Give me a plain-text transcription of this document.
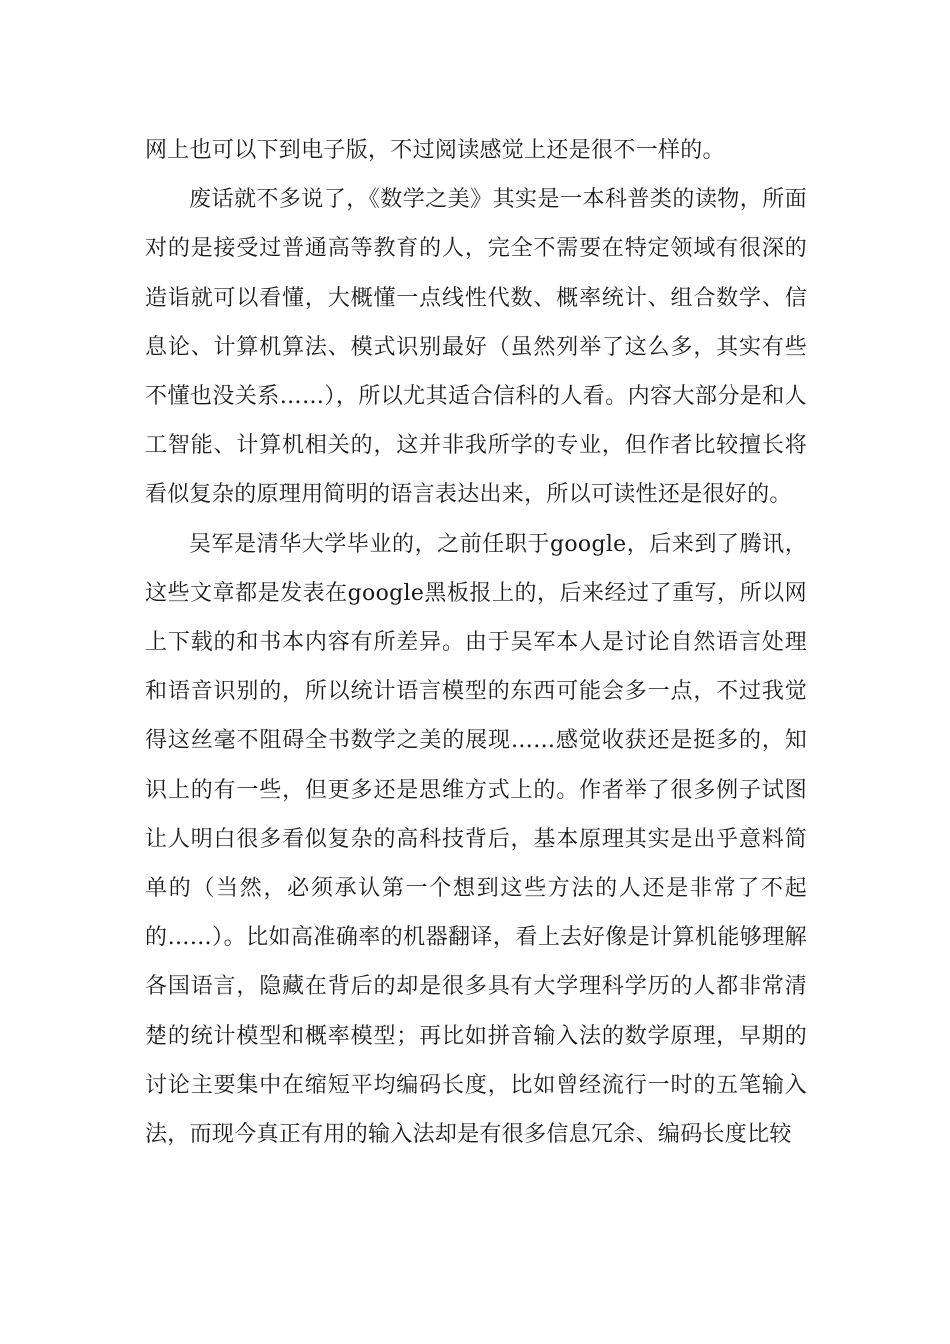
网上也可以下到电子版，不过阅读感觉上还是很不一样的。

废话就不多说了，《数学之美》其实是一本科普类的读物，所面对的是接受过普通高等教育的人，完全不需要在特定领域有很深的造诣就可以看懂，大概懂一点线性代数、概率统计、组合数学、信息论、计算机算法、模式识别最好（虽然列举了这么多，其实有些不懂也没关系……），所以尤其适合信科的人看。内容大部分是和人工智能、计算机相关的，这并非我所学的专业，但作者比较擅长将看似复杂的原理用简明的语言表达出来，所以可读性还是很好的。

吴军是清华大学毕业的，之前任职于google，后来到了腾讯，这些文章都是发表在google黑板报上的，后来经过了重写，所以网上下载的和书本内容有所差异。由于吴军本人是讨论自然语言处理和语音识别的，所以统计语言模型的东西可能会多一点，不过我觉得这丝毫不阻碍全书数学之美的展现……感觉收获还是挺多的，知识上的有一些，但更多还是思维方式上的。作者举了很多例子试图让人明白很多看似复杂的高科技背后，基本原理其实是出乎意料简单的（当然，必须承认第一个想到这些方法的人还是非常了不起的……）。比如高准确率的机器翻译，看上去好像是计算机能够理解各国语言，隐藏在背后的却是很多具有大学理科学历的人都非常清楚的统计模型和概率模型；再比如拼音输入法的数学原理，早期的讨论主要集中在缩短平均编码长度，比如曾经流行一时的五笔输入法，而现今真正有用的输入法却是有很多信息冗余、编码长度比较
